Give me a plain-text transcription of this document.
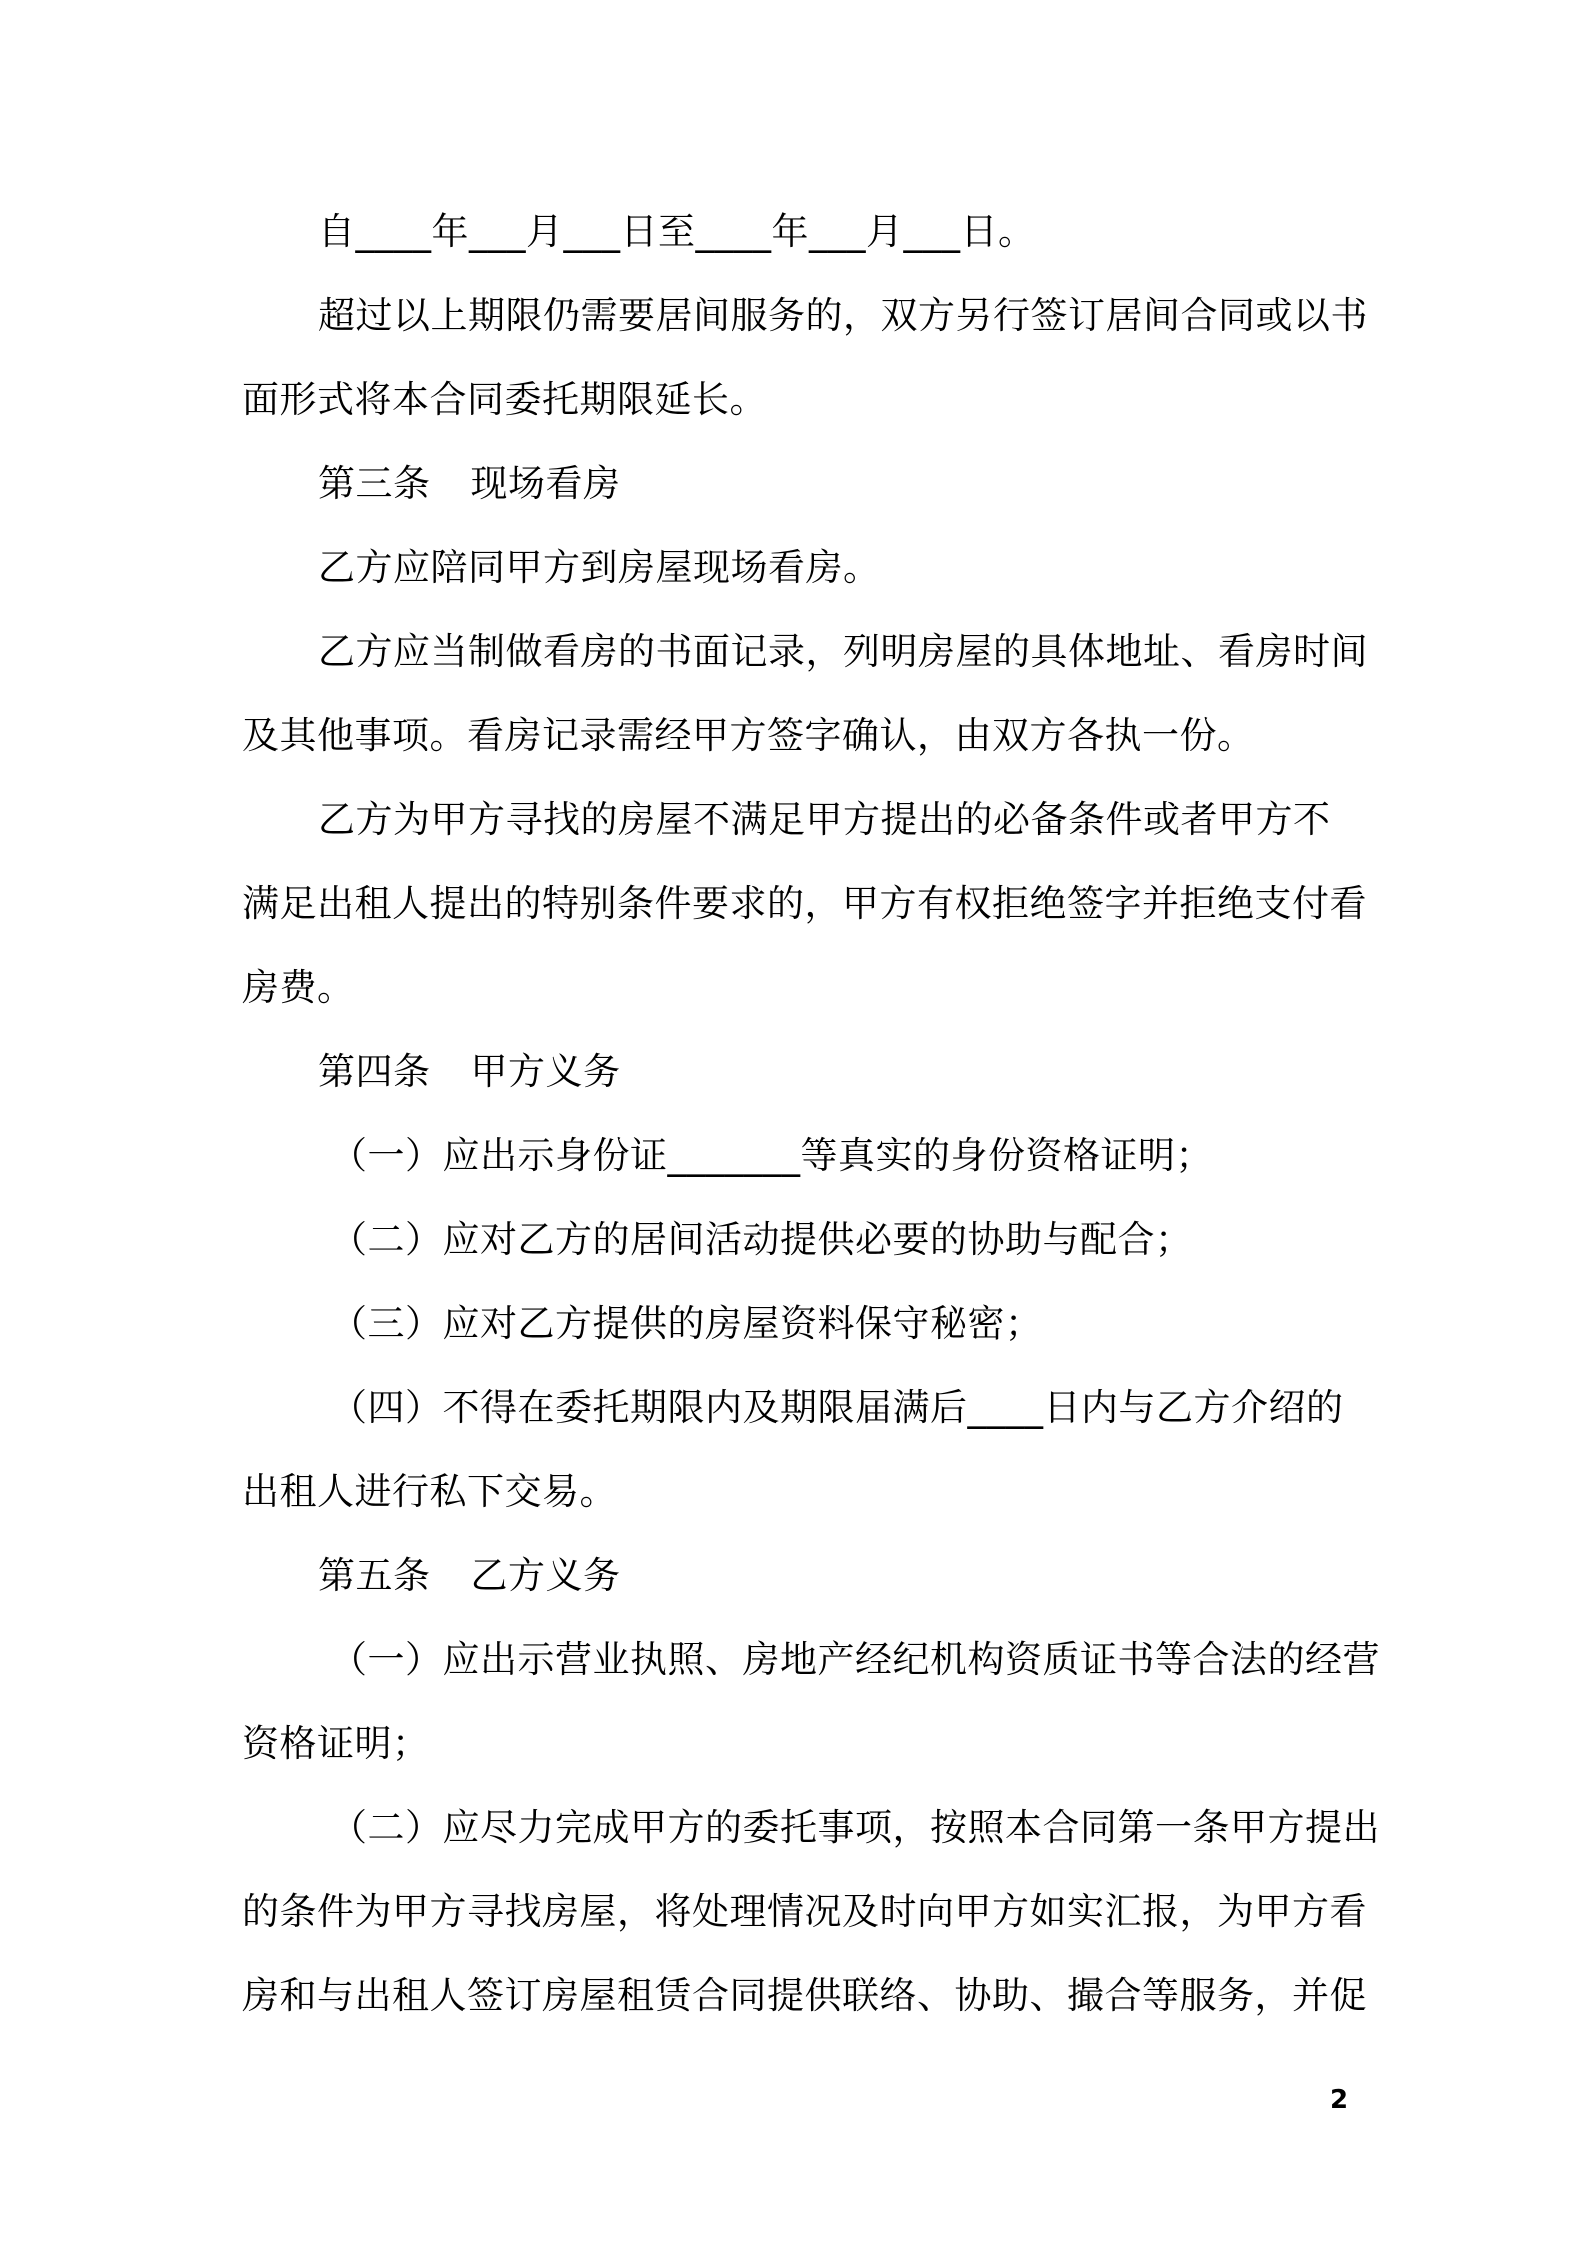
自____年___月___日至____年___月___日。
超过以上期限仍需要居间服务的，双方另行签订居间合同或以书
面形式将本合同委托期限延长。
第三条 现场看房
乙方应陪同甲方到房屋现场看房。
乙方应当制做看房的书面记录，列明房屋的具体地址、看房时间
及其他事项。看房记录需经甲方签字确认，由双方各执一份。
乙方为甲方寻找的房屋不满足甲方提出的必备条件或者甲方不
满足出租人提出的特别条件要求的，甲方有权拒绝签字并拒绝支付看
房费。
第四条 甲方义务
（一）应出示身份证_______等真实的身份资格证明；
（二）应对乙方的居间活动提供必要的协助与配合；
（三）应对乙方提供的房屋资料保守秘密；
（四）不得在委托期限内及期限届满后____日内与乙方介绍的
出租人进行私下交易。
第五条 乙方义务
（一）应出示营业执照、房地产经纪机构资质证书等合法的经营
资格证明；
（二）应尽力完成甲方的委托事项，按照本合同第一条甲方提出
的条件为甲方寻找房屋，将处理情况及时向甲方如实汇报，为甲方看
房和与出租人签订房屋租赁合同提供联络、协助、撮合等服务，并促
2
